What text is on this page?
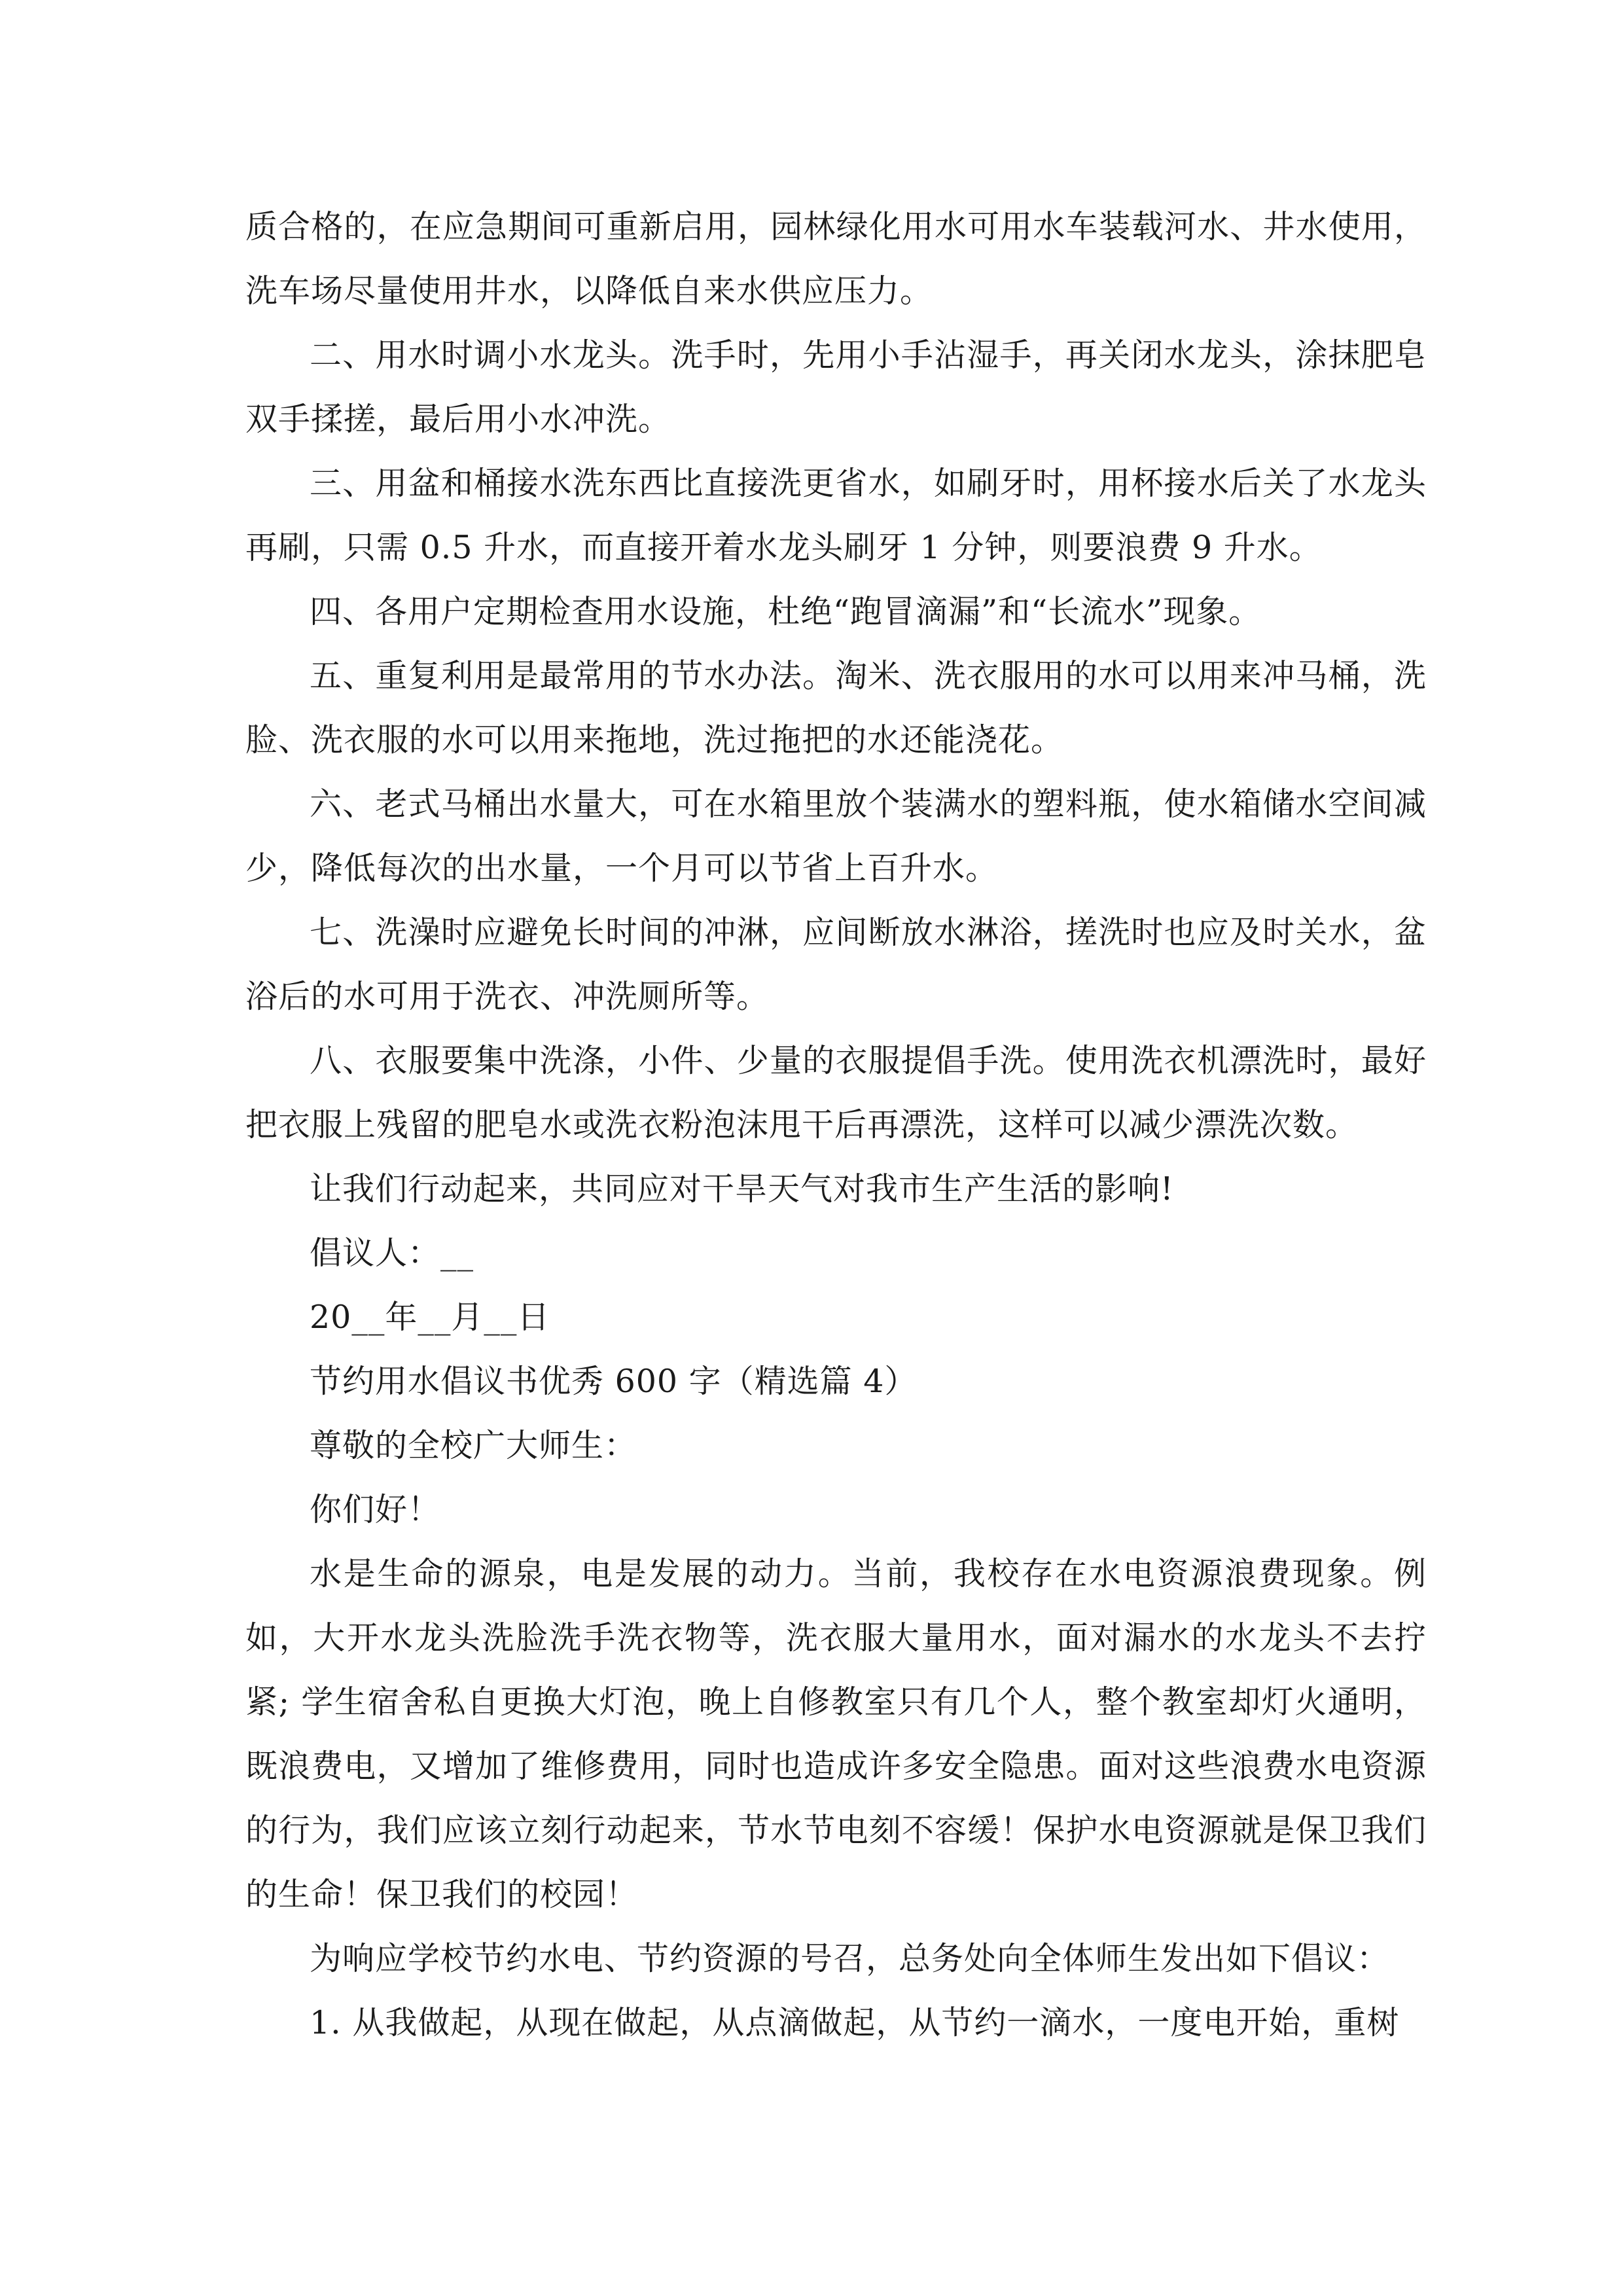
质合格的，在应急期间可重新启用，园林绿化用水可用水车装载河水、井水使用，洗车场尽量使用井水，以降低自来水供应压力。

二、用水时调小水龙头。洗手时，先用小手沾湿手，再关闭水龙头，涂抹肥皂双手揉搓，最后用小水冲洗。

三、用盆和桶接水洗东西比直接洗更省水，如刷牙时，用杯接水后关了水龙头再刷，只需 0.5 升水，而直接开着水龙头刷牙 1 分钟，则要浪费 9 升水。

四、各用户定期检查用水设施，杜绝“跑冒滴漏”和“长流水”现象。

五、重复利用是最常用的节水办法。淘米、洗衣服用的水可以用来冲马桶，洗脸、洗衣服的水可以用来拖地，洗过拖把的水还能浇花。

六、老式马桶出水量大，可在水箱里放个装满水的塑料瓶，使水箱储水空间减少，降低每次的出水量，一个月可以节省上百升水。

七、洗澡时应避免长时间的冲淋，应间断放水淋浴，搓洗时也应及时关水，盆浴后的水可用于洗衣、冲洗厕所等。

八、衣服要集中洗涤，小件、少量的衣服提倡手洗。使用洗衣机漂洗时，最好把衣服上残留的肥皂水或洗衣粉泡沫甩干后再漂洗，这样可以减少漂洗次数。

让我们行动起来，共同应对干旱天气对我市生产生活的影响!

倡议人：__

20__年__月__日

节约用水倡议书优秀 600 字（精选篇 4）

尊敬的全校广大师生：

你们好！

水是生命的源泉，电是发展的动力。当前，我校存在水电资源浪费现象。例如，大开水龙头洗脸洗手洗衣物等，洗衣服大量用水，面对漏水的水龙头不去拧紧; 学生宿舍私自更换大灯泡，晚上自修教室只有几个人，整个教室却灯火通明，既浪费电，又增加了维修费用，同时也造成许多安全隐患。面对这些浪费水电资源的行为，我们应该立刻行动起来，节水节电刻不容缓！保护水电资源就是保卫我们的生命！保卫我们的校园！

为响应学校节约水电、节约资源的号召，总务处向全体师生发出如下倡议：

1. 从我做起，从现在做起，从点滴做起，从节约一滴水，一度电开始，重树
